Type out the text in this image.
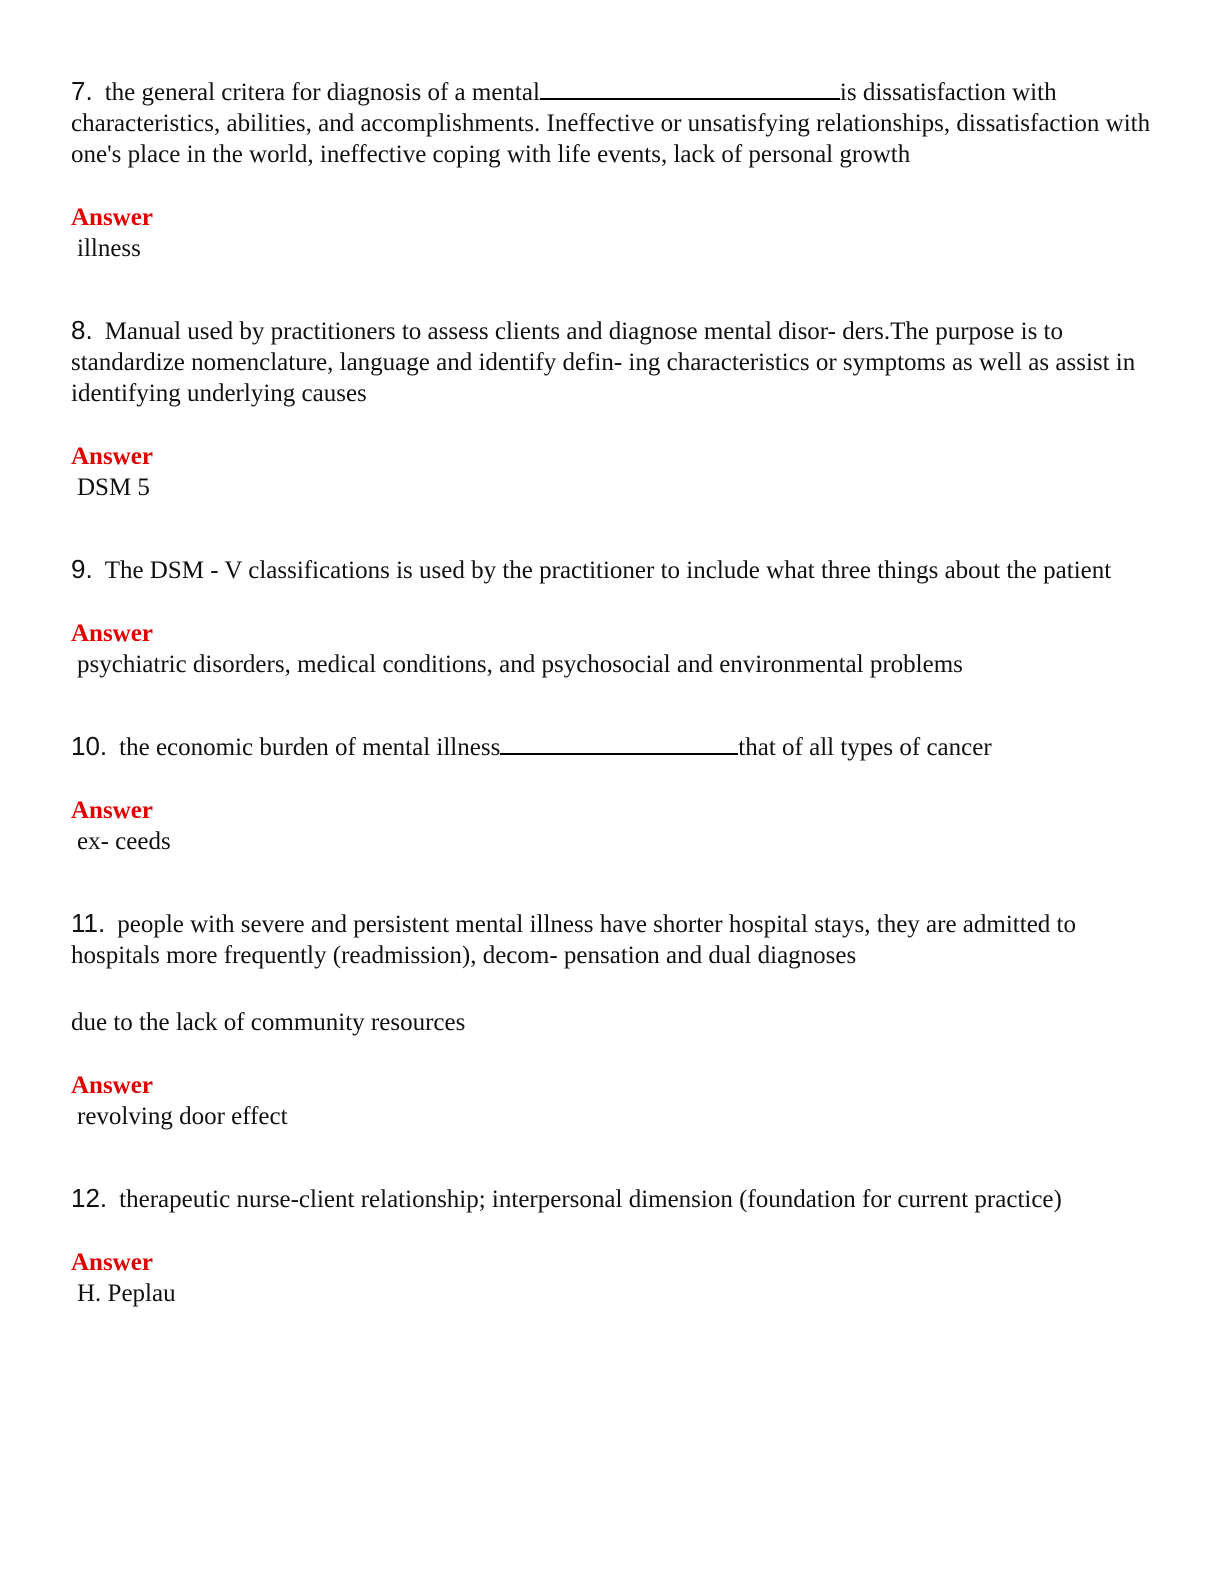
7. the general critera for diagnosis of a mental	is dissatisfaction with characteristics, abilities, and accomplishments. Ineffective or unsatisfying relationships, dissatisfaction with one's place in the world, ineffective coping with life events, lack of personal growth

Answer

illness

8. Manual used by practitioners to assess clients and diagnose mental disor- ders.The purpose is to standardize nomenclature, language and identify defin- ing characteristics or symptoms as well as assist in identifying underlying causes

Answer

DSM 5

9. The DSM - V classifications is used by the practitioner to include what three things about the patient

Answer

psychiatric disorders, medical conditions, and psychosocial and environmental problems

10. the economic burden of mental illness	that of all types of cancer

Answer

ex- ceeds

11. people with severe and persistent mental illness have shorter hospital stays, they are admitted to hospitals more frequently (readmission), decom- pensation and dual diagnoses

due to the lack of community resources

Answer

revolving door effect

12. therapeutic nurse-client relationship; interpersonal dimension (foundation for current practice)

Answer

H. Peplau
